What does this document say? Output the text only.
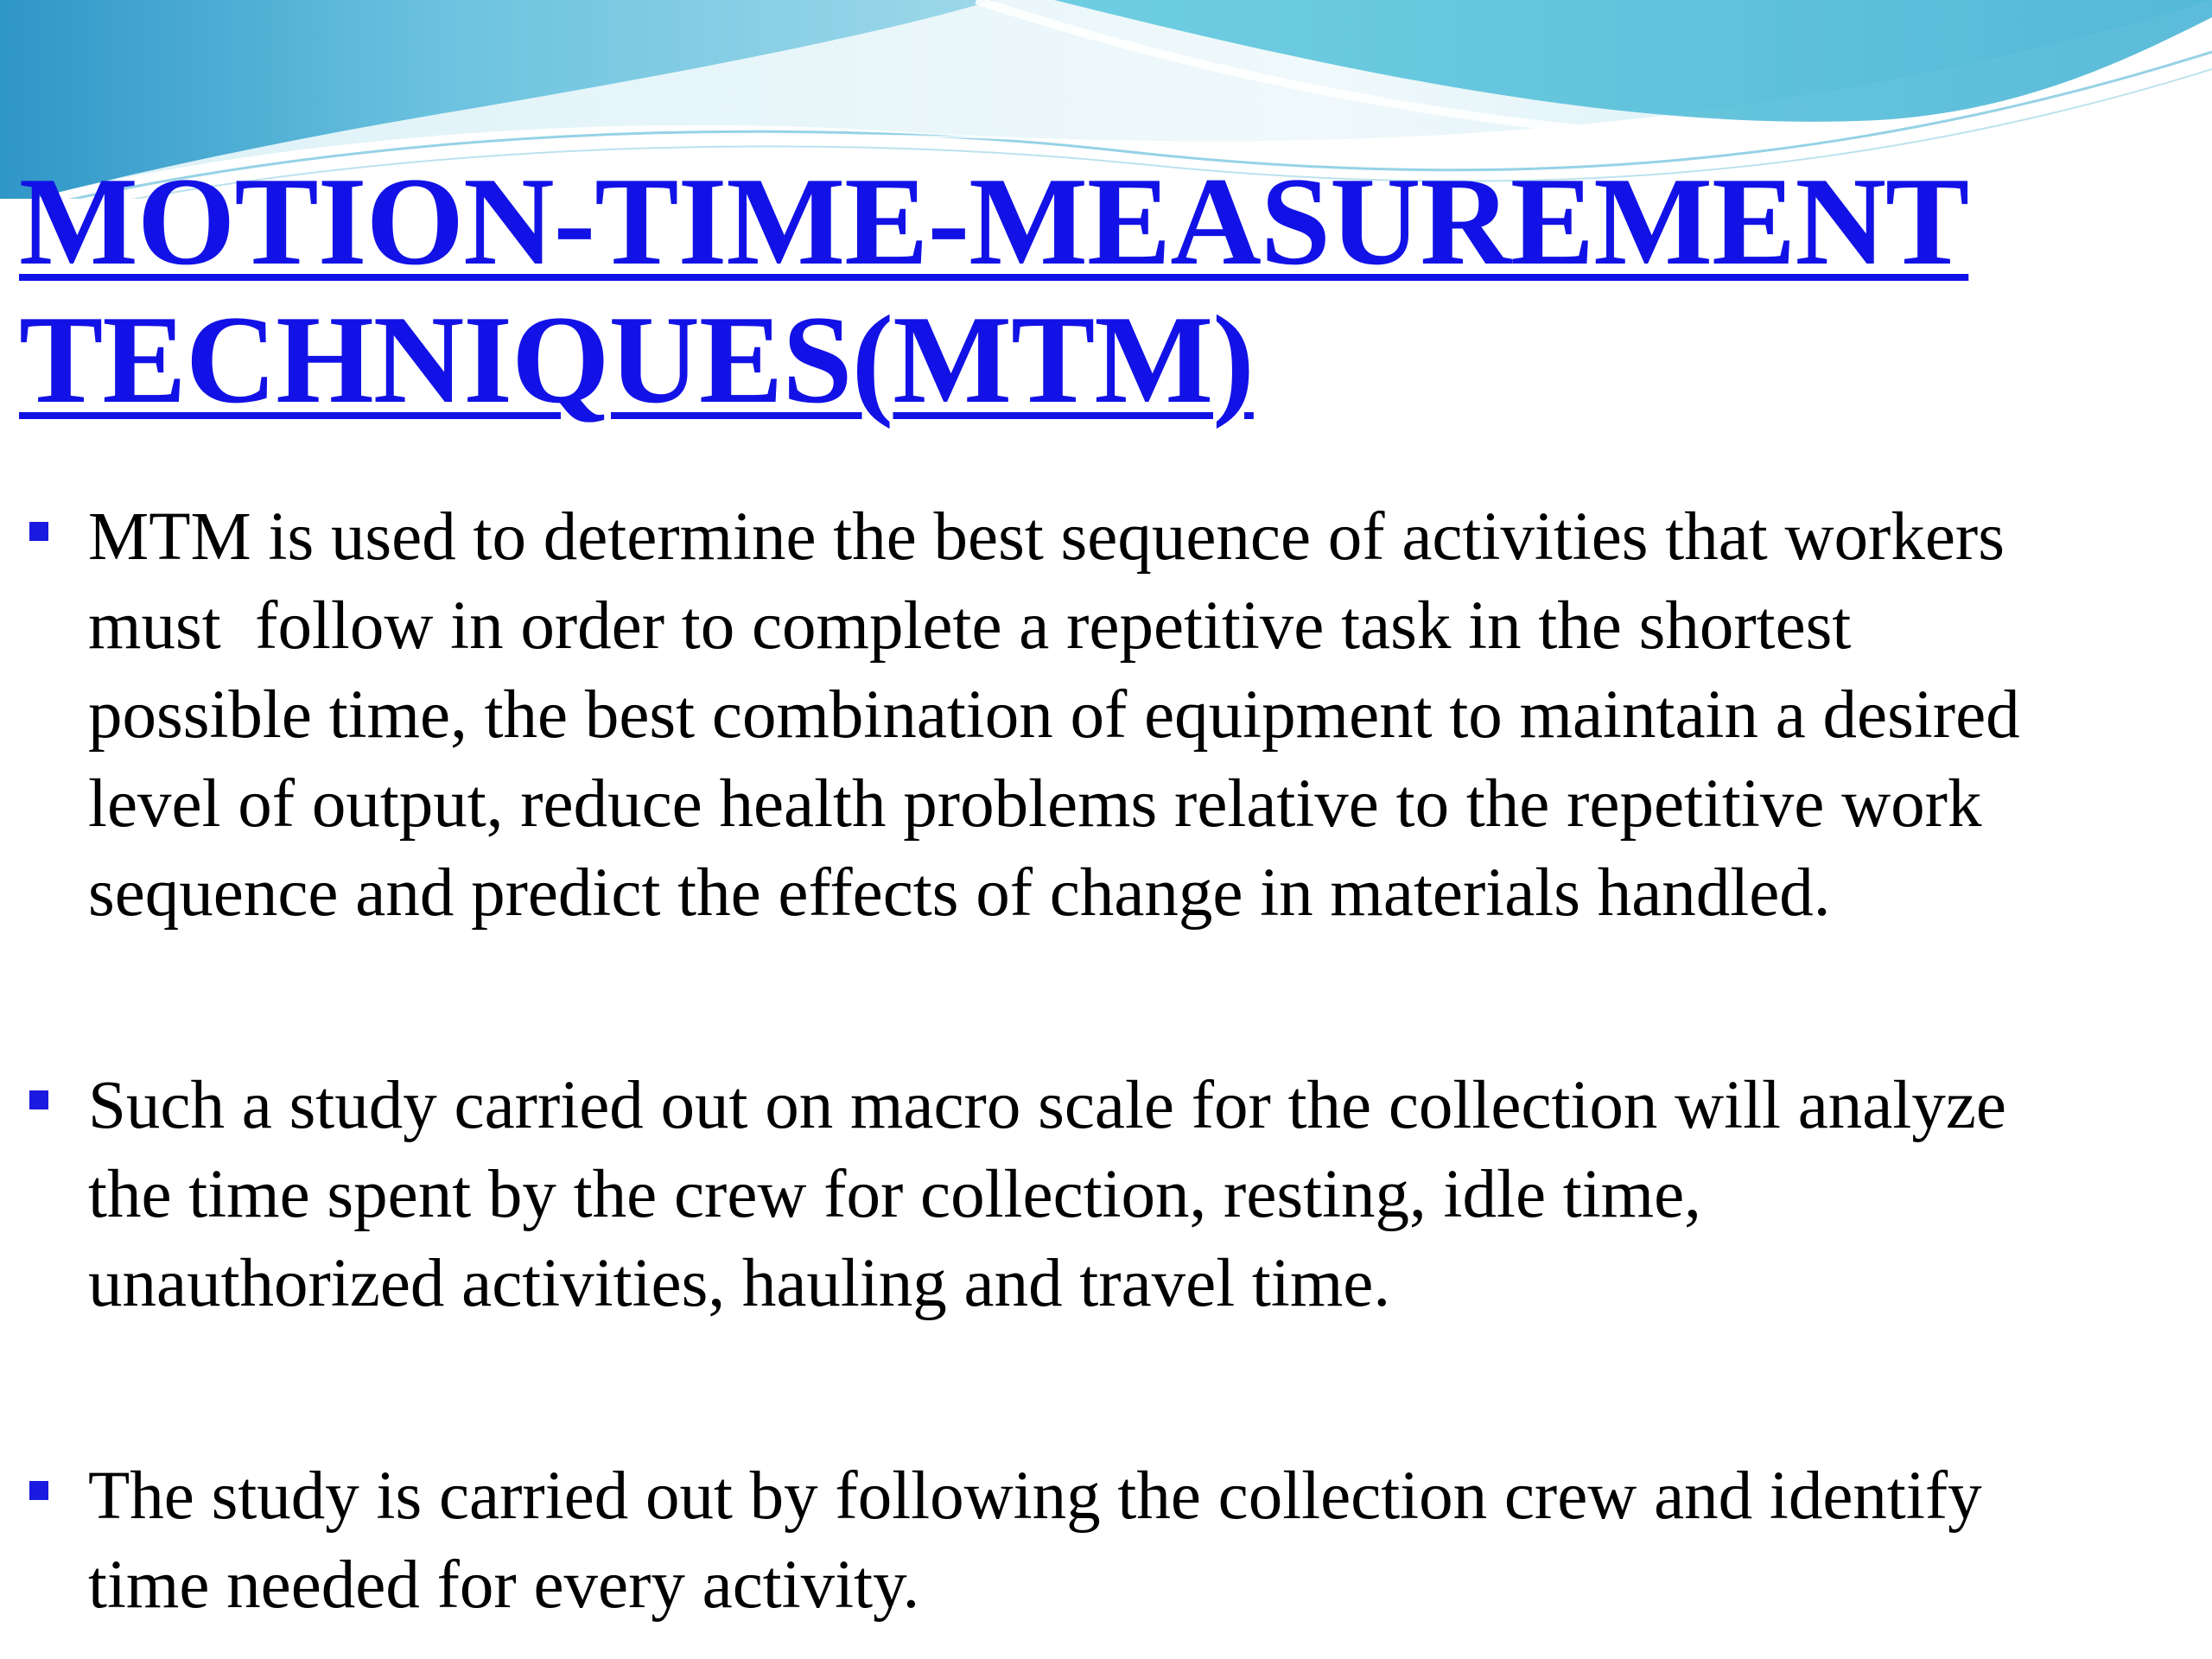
MOTION-TIME-MEASUREMENT
TECHNIQUES(MTM)
MTM is used to determine the best sequence of activities that workers
must  follow in order to complete a repetitive task in the shortest
possible time, the best combination of equipment to maintain a desired
level of output, reduce health problems relative to the repetitive work
sequence and predict the effects of change in materials handled.
Such a study carried out on macro scale for the collection will analyze
the time spent by the crew for collection, resting, idle time,
unauthorized activities, hauling and travel time.
The study is carried out by following the collection crew and identify
time needed for every activity.
